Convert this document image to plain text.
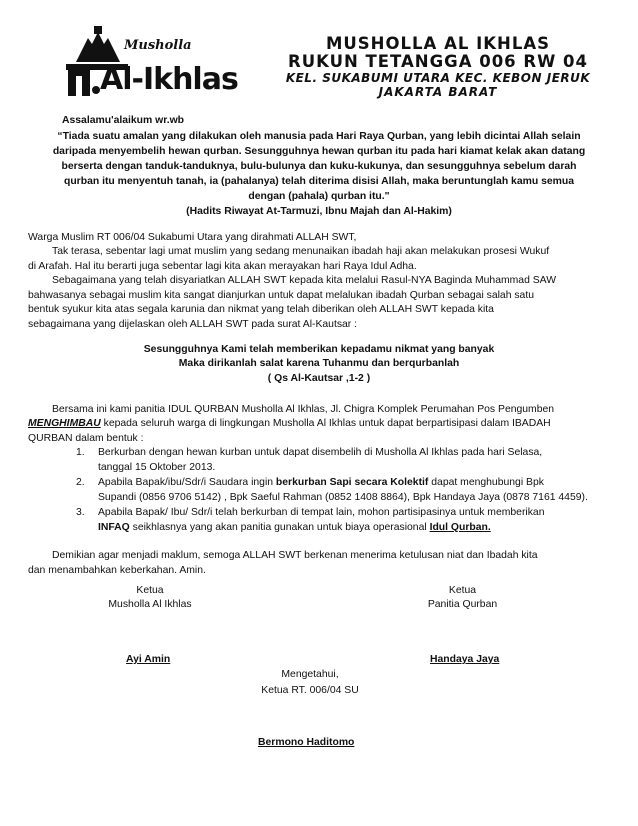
Musholla
Al-Ikhlas
MUSHOLLA AL IKHLAS
RUKUN TETANGGA 006 RW 04
KEL. SUKABUMI UTARA KEC. KEBON JERUK
JAKARTA BARAT
Assalamu'alaikum wr.wb
“Tiada suatu amalan yang dilakukan oleh manusia pada Hari Raya Qurban, yang lebih dicintai Allah selain
daripada menyembelih hewan qurban. Sesungguhnya hewan qurban itu pada hari kiamat kelak akan datang
berserta dengan tanduk-tanduknya, bulu-bulunya dan kuku-kukunya, dan sesungguhnya sebelum darah
qurban itu menyentuh tanah, ia (pahalanya) telah diterima disisi Allah, maka beruntunglah kamu semua
dengan (pahala) qurban itu."
(Hadits Riwayat At-Tarmuzi, Ibnu Majah dan Al-Hakim)
Warga Muslim RT 006/04 Sukabumi Utara yang dirahmati ALLAH SWT,
Tak terasa, sebentar lagi umat muslim yang sedang menunaikan ibadah haji akan melakukan prosesi Wukuf
di Arafah. Hal itu berarti juga sebentar lagi kita akan merayakan hari Raya Idul Adha.
Sebagaimana yang telah disyariatkan ALLAH SWT kepada kita melalui Rasul-NYA Baginda Muhammad SAW
bahwasanya sebagai muslim kita sangat dianjurkan untuk dapat melalukan ibadah Qurban sebagai salah satu
bentuk syukur kita atas segala karunia dan nikmat yang telah diberikan oleh ALLAH SWT kepada kita
sebagaimana yang dijelaskan oleh ALLAH SWT pada surat Al-Kautsar :
Sesungguhnya Kami telah memberikan kepadamu nikmat yang banyak
Maka dirikanlah salat karena Tuhanmu dan berqurbanlah
( Qs Al-Kautsar ,1-2 )
Bersama ini kami panitia IDUL QURBAN Musholla Al Ikhlas, Jl. Chigra Komplek Perumahan Pos Pengumben
MENGHIMBAU kepada seluruh warga di lingkungan Musholla Al Ikhlas untuk dapat berpartisipasi dalam IBADAH
QURBAN dalam bentuk :
1. Berkurban dengan hewan kurban untuk dapat disembelih di Musholla Al Ikhlas pada hari Selasa,
tanggal 15 Oktober 2013.
2. Apabila Bapak/ibu/Sdr/i Saudara ingin berkurban Sapi secara Kolektif dapat menghubungi Bpk
Supandi (0856 9706 5142) , Bpk Saeful Rahman (0852 1408 8864), Bpk Handaya Jaya (0878 7161 4459).
3. Apabila Bapak/ Ibu/ Sdr/i telah berkurban di tempat lain, mohon partisipasinya untuk memberikan
INFAQ seikhlasnya yang akan panitia gunakan untuk biaya operasional Idul Qurban.
Demikian agar menjadi maklum, semoga ALLAH SWT berkenan menerima ketulusan niat dan Ibadah kita
dan menambahkan keberkahan. Amin.
Ketua
Musholla Al Ikhlas
Ketua
Panitia Qurban
Ayi Amin	Handaya Jaya
Mengetahui,
Ketua RT. 006/04 SU
Bermono Haditomo
